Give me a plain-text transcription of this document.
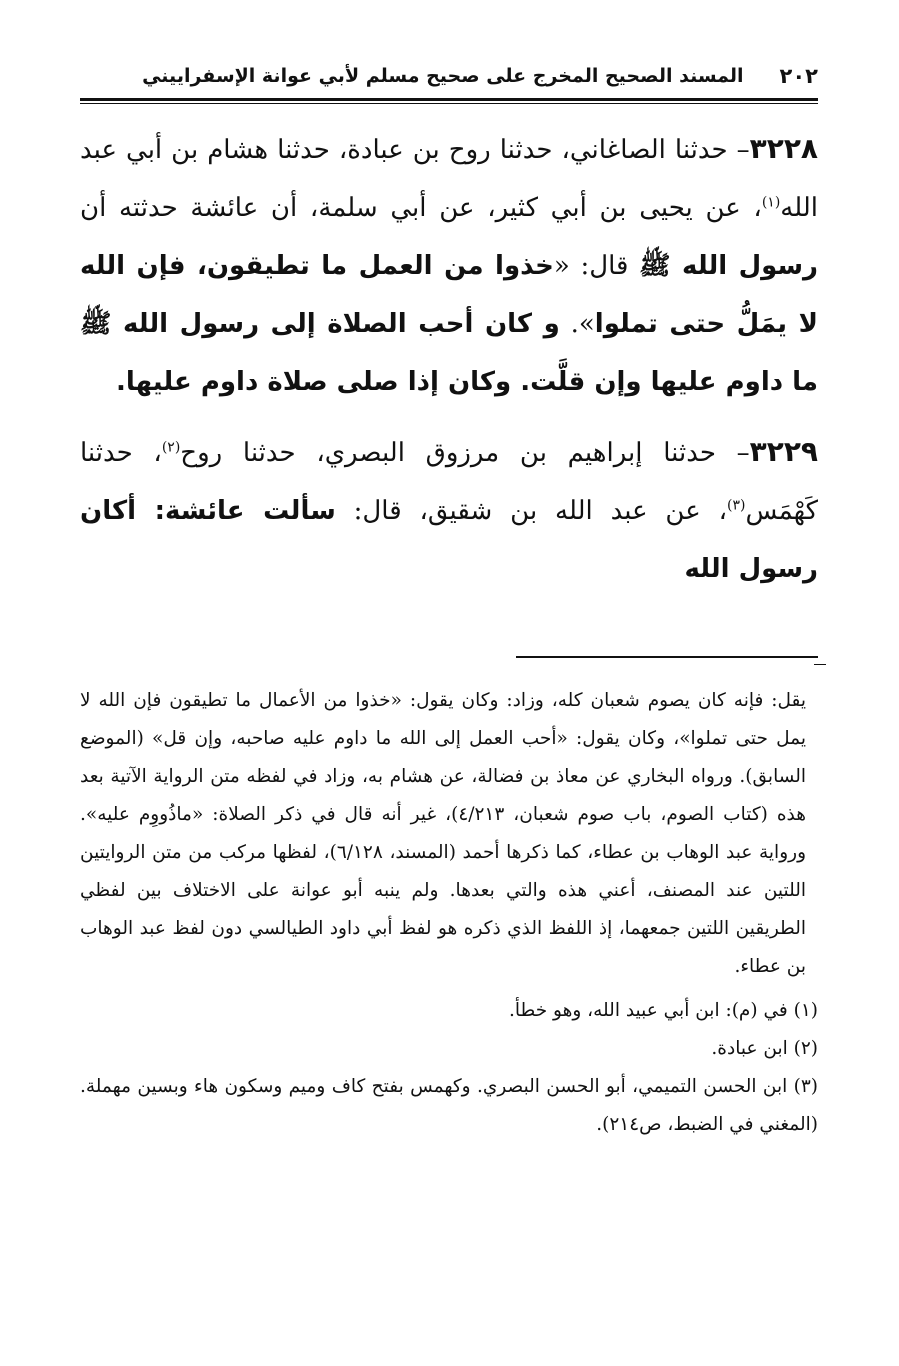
٢٠٢
المسند الصحيح المخرج على صحيح مسلم لأبي عوانة الإسفراييني

٣٢٢٨– حدثنا الصاغاني، حدثنا روح بن عبادة، حدثنا هشام بن أبي عبد الله$^{(١)}$، عن يحيى بن أبي كثير، عن أبي سلمة، أن عائشة حدثته أن رسول الله ﷺ قال: «خذوا من العمل ما تطيقون، فإن الله لا يمَلُّ حتى تملوا». و كان أحب الصلاة إلى رسول الله ﷺ ما داوم عليها وإن قلَّت. وكان إذا صلى صلاة داوم عليها.

٣٢٢٩– حدثنا إبراهيم بن مرزوق البصري، حدثنا روح$^{(٢)}$، حدثنا كَهْمَس$^{(٣)}$، عن عبد الله بن شقيق، قال: سألت عائشة: أكان رسول الله

يقل: فإنه كان يصوم شعبان كله، وزاد: وكان يقول: «خذوا من الأعمال ما تطيقون فإن الله لا يمل حتى تملوا»، وكان يقول: «أحب العمل إلى الله ما داوم عليه صاحبه، وإن قل» (الموضع السابق). ورواه البخاري عن معاذ بن فضالة، عن هشام به، وزاد في لفظه متن الرواية الآتية بعد هذه (كتاب الصوم، باب صوم شعبان، ٤/٢١٣)، غير أنه قال في ذكر الصلاة: «ماذُووِم عليه». ورواية عبد الوهاب بن عطاء، كما ذكرها أحمد (المسند، ٦/١٢٨)، لفظها مركب من متن الروايتين اللتين عند المصنف، أعني هذه والتي بعدها. ولم ينبه أبو عوانة على الاختلاف بين لفظي الطريقين اللتين جمعهما، إذ اللفظ الذي ذكره هو لفظ أبي داود الطيالسي دون لفظ عبد الوهاب بن عطاء.

(١) في (م): ابن أبي عبيد الله، وهو خطأ.

(٢) ابن عبادة.

(٣) ابن الحسن التميمي، أبو الحسن البصري. وكهمس بفتح كاف وميم وسكون هاء وبسين مهملة. (المغني في الضبط، ص٢١٤).
